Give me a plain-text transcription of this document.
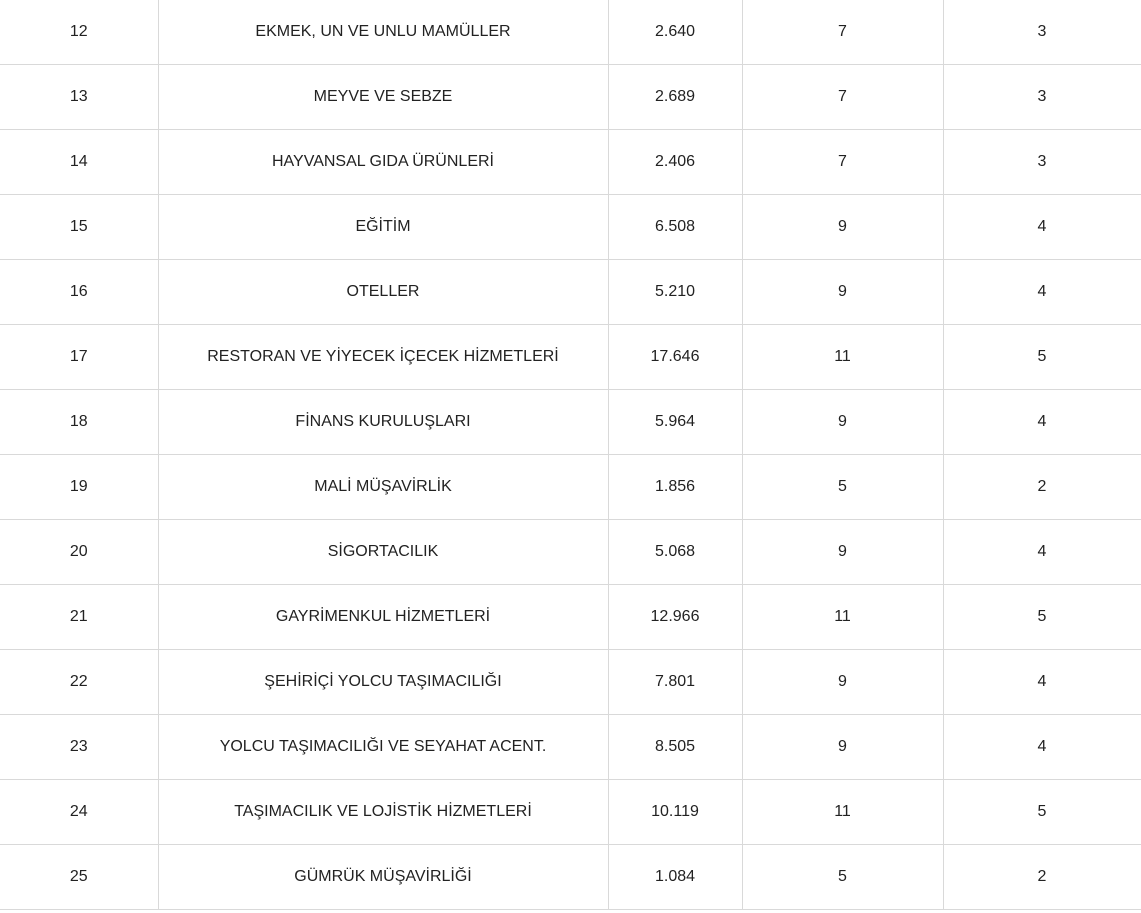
12	EKMEK, UN VE UNLU MAMÜLLER	2.640	7	3
13	MEYVE VE SEBZE	2.689	7	3
14	HAYVANSAL GIDA ÜRÜNLERİ	2.406	7	3
15	EĞİTİM	6.508	9	4
16	OTELLER	5.210	9	4
17	RESTORAN VE YİYECEK İÇECEK HİZMETLERİ	17.646	11	5
18	FİNANS KURULUŞLARI	5.964	9	4
19	MALİ MÜŞAVİRLİK	1.856	5	2
20	SİGORTACILIK	5.068	9	4
21	GAYRİMENKUL HİZMETLERİ	12.966	11	5
22	ŞEHİRİÇİ YOLCU TAŞIMACILIĞI	7.801	9	4
23	YOLCU TAŞIMACILIĞI VE SEYAHAT ACENT.	8.505	9	4
24	TAŞIMACILIK VE LOJİSTİK HİZMETLERİ	10.119	11	5
25	GÜMRÜK MÜŞAVİRLİĞİ	1.084	5	2
